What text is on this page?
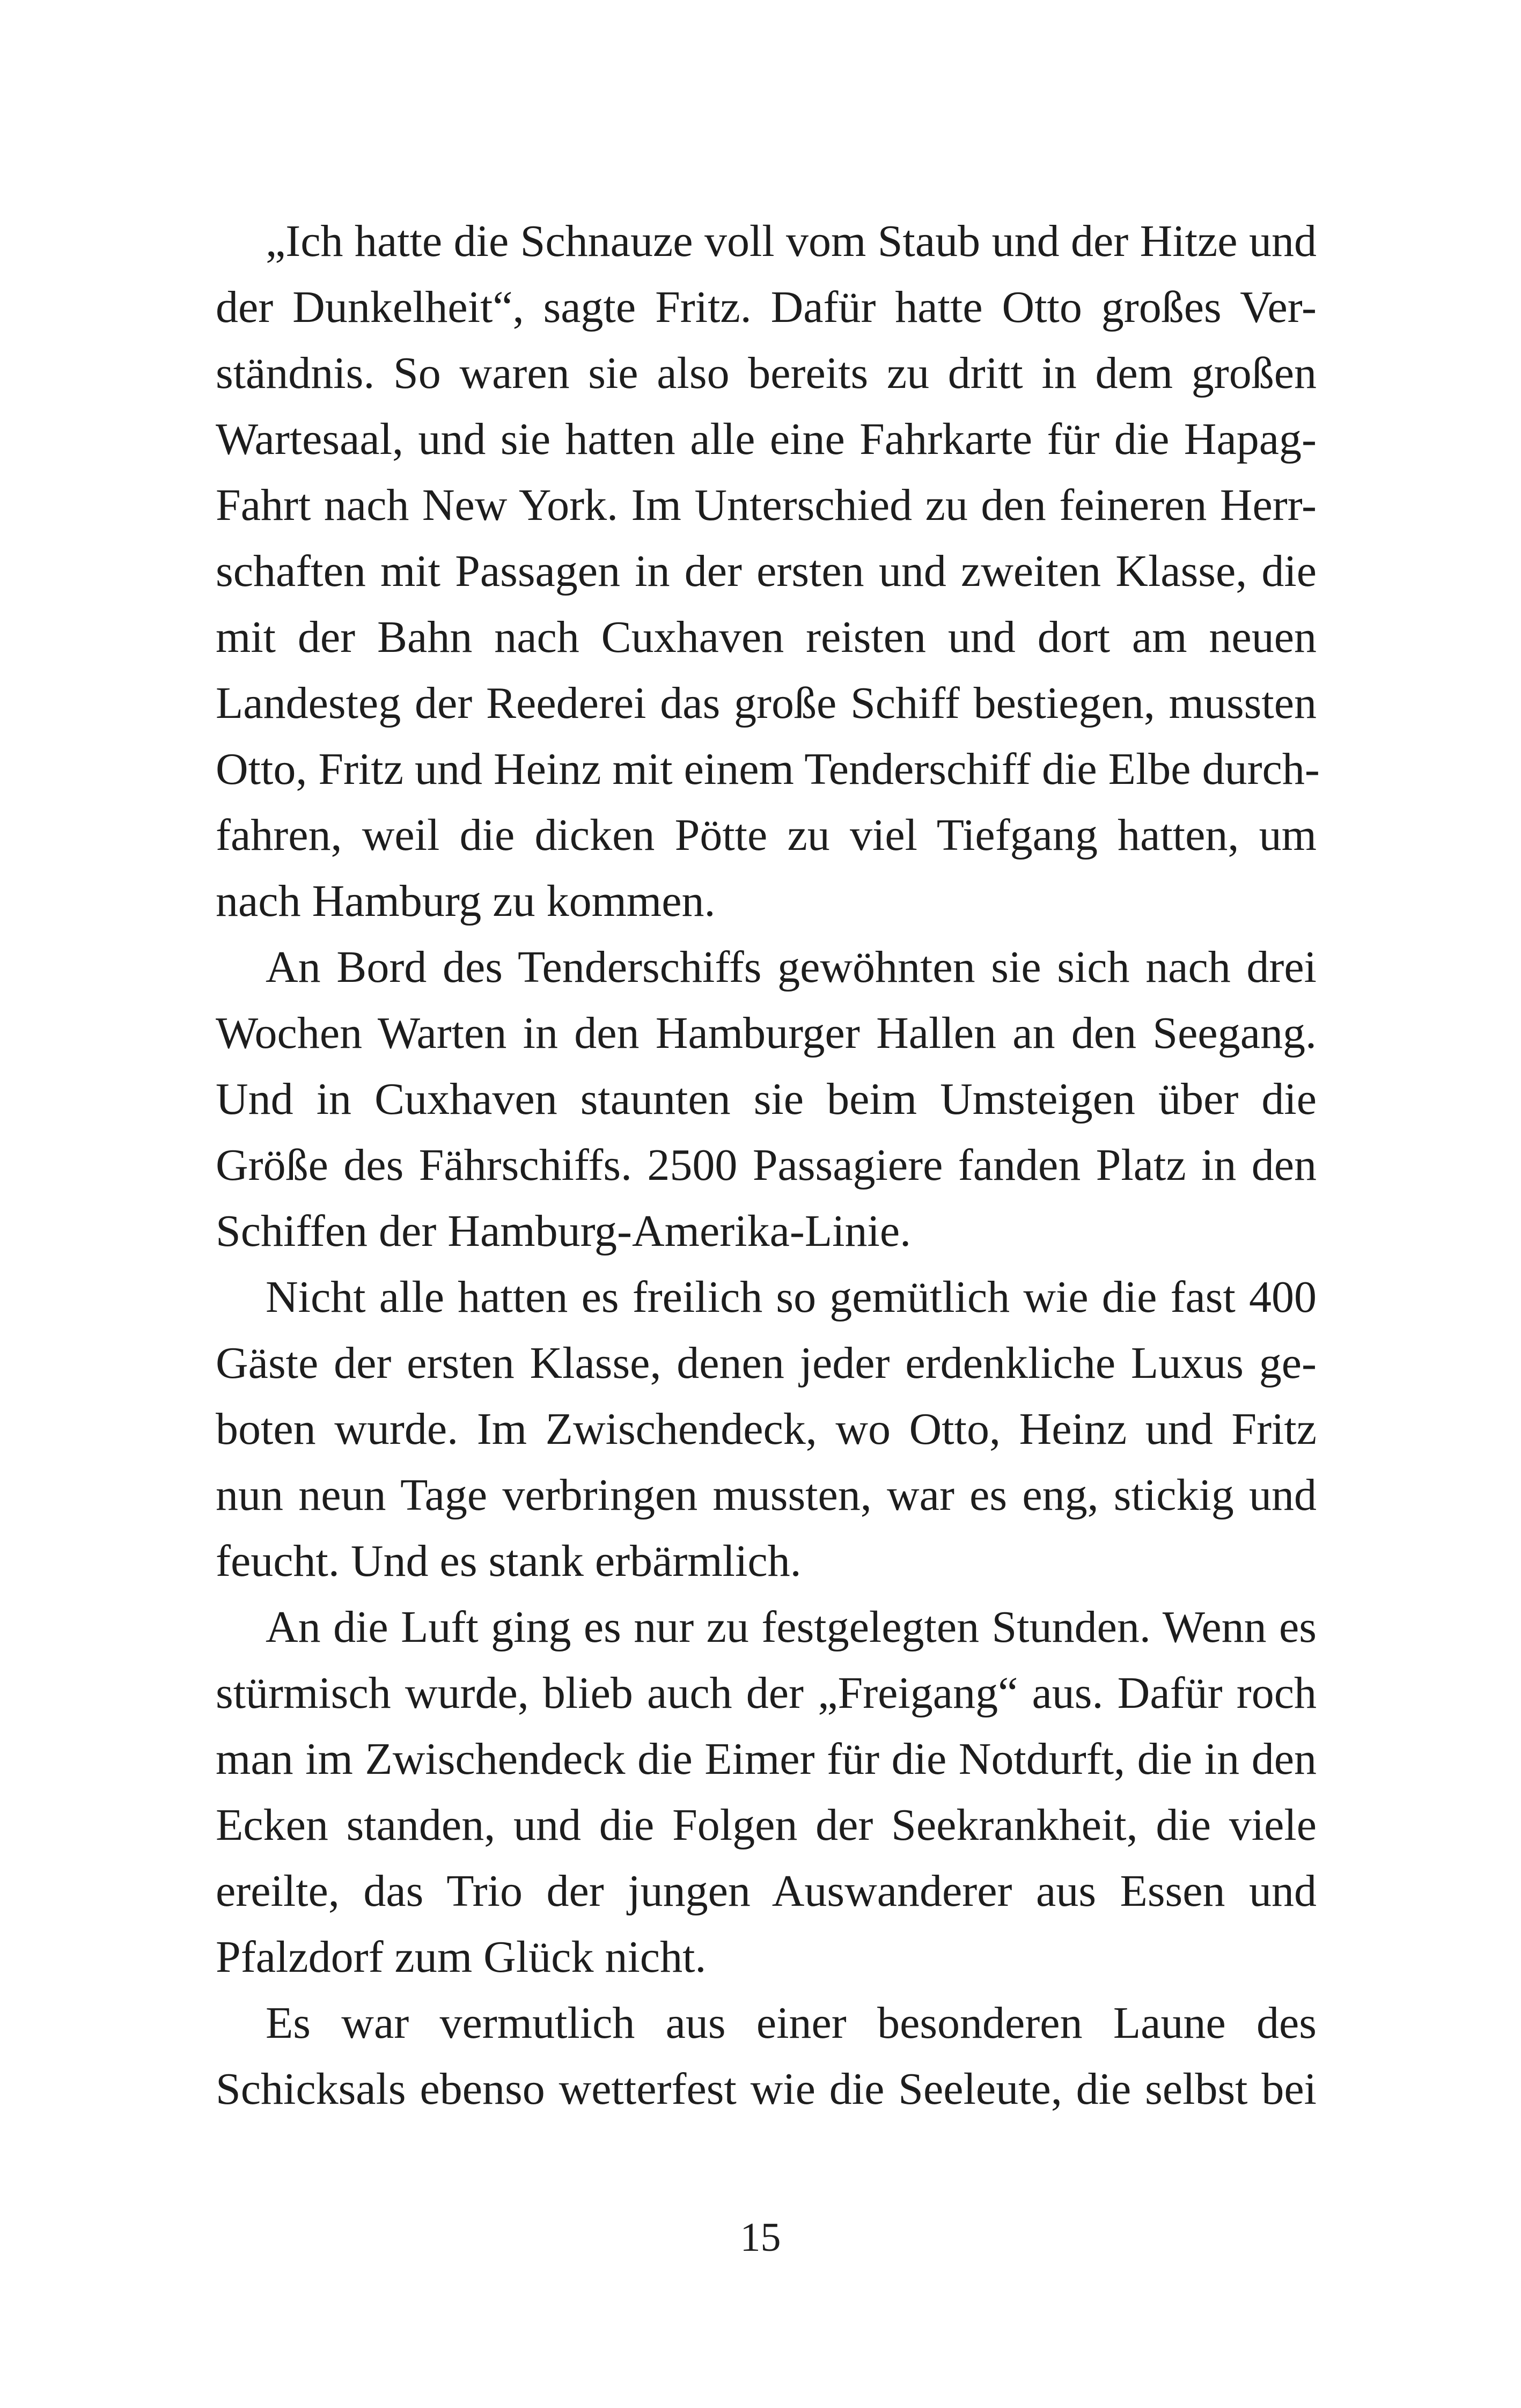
„Ich hatte die Schnauze voll vom Staub und der Hitze und
der Dunkelheit“, sagte Fritz. Dafür hatte Otto großes Ver-
ständnis. So waren sie also bereits zu dritt in dem großen
Wartesaal, und sie hatten alle eine Fahrkarte für die Hapag-
Fahrt nach New York. Im Unterschied zu den feineren Herr-
schaften mit Passagen in der ersten und zweiten Klasse, die
mit der Bahn nach Cuxhaven reisten und dort am neuen
Landesteg der Reederei das große Schiff bestiegen, mussten
Otto, Fritz und Heinz mit einem Tenderschiff die Elbe durch-
fahren, weil die dicken Pötte zu viel Tiefgang hatten, um
nach Hamburg zu kommen.
An Bord des Tenderschiffs gewöhnten sie sich nach drei
Wochen Warten in den Hamburger Hallen an den Seegang.
Und in Cuxhaven staunten sie beim Umsteigen über die
Größe des Fährschiffs. 2500 Passagiere fanden Platz in den
Schiffen der Hamburg-Amerika-Linie.
Nicht alle hatten es freilich so gemütlich wie die fast 400
Gäste der ersten Klasse, denen jeder erdenkliche Luxus ge-
boten wurde. Im Zwischendeck, wo Otto, Heinz und Fritz
nun neun Tage verbringen mussten, war es eng, stickig und
feucht. Und es stank erbärmlich.
An die Luft ging es nur zu festgelegten Stunden. Wenn es
stürmisch wurde, blieb auch der „Freigang“ aus. Dafür roch
man im Zwischendeck die Eimer für die Notdurft, die in den
Ecken standen, und die Folgen der Seekrankheit, die viele
ereilte, das Trio der jungen Auswanderer aus Essen und
Pfalzdorf zum Glück nicht.
Es war vermutlich aus einer besonderen Laune des
Schicksals ebenso wetterfest wie die Seeleute, die selbst bei
15
